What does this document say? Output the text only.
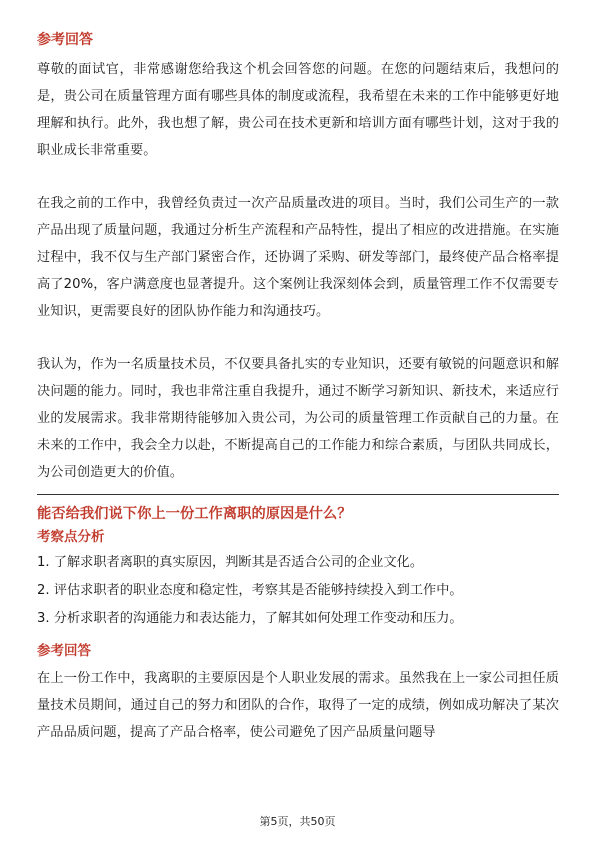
参考回答

尊敬的面试官，非常感谢您给我这个机会回答您的问题。在您的问题结束后，我想问的是，贵公司在质量管理方面有哪些具体的制度或流程，我希望在未来的工作中能够更好地理解和执行。此外，我也想了解，贵公司在技术更新和培训方面有哪些计划，这对于我的职业成长非常重要。

在我之前的工作中，我曾经负责过一次产品质量改进的项目。当时，我们公司生产的一款产品出现了质量问题，我通过分析生产流程和产品特性，提出了相应的改进措施。在实施过程中，我不仅与生产部门紧密合作，还协调了采购、研发等部门，最终使产品合格率提高了20%，客户满意度也显著提升。这个案例让我深刻体会到，质量管理工作不仅需要专业知识，更需要良好的团队协作能力和沟通技巧。

我认为，作为一名质量技术员，不仅要具备扎实的专业知识，还要有敏锐的问题意识和解决问题的能力。同时，我也非常注重自我提升，通过不断学习新知识、新技术，来适应行业的发展需求。我非常期待能够加入贵公司，为公司的质量管理工作贡献自己的力量。在未来的工作中，我会全力以赴，不断提高自己的工作能力和综合素质，与团队共同成长，为公司创造更大的价值。

能否给我们说下你上一份工作离职的原因是什么？

考察点分析

1. 了解求职者离职的真实原因，判断其是否适合公司的企业文化。

2. 评估求职者的职业态度和稳定性，考察其是否能够持续投入到工作中。

3. 分析求职者的沟通能力和表达能力，了解其如何处理工作变动和压力。

参考回答

在上一份工作中，我离职的主要原因是个人职业发展的需求。虽然我在上一家公司担任质量技术员期间，通过自己的努力和团队的合作，取得了一定的成绩，例如成功解决了某次产品品质问题，提高了产品合格率，使公司避免了因产品质量问题导

第5页，共50页
